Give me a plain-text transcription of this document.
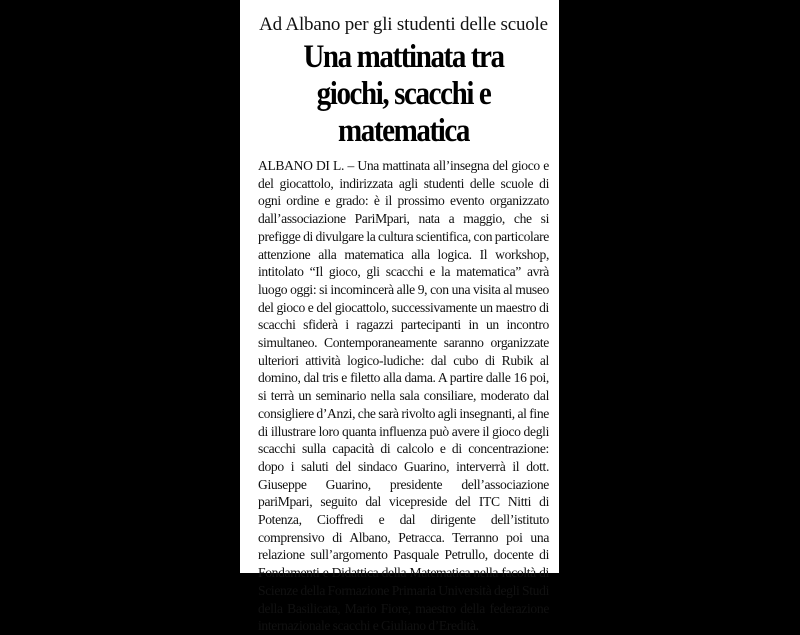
Ad Albano per gli studenti delle scuole
Una mattinata tra giochi, scacchi e matematica

ALBANO DI L. – Una mattinata all’insegna del gioco e del giocattolo, indirizzata agli studenti delle scuole di ogni ordine e grado: è il prossimo evento organizzato dall’associazione PariMpari, nata a maggio, che si prefigge di divulgare la cultura scientifica, con particolare attenzione alla matematica alla logica. Il workshop, intitolato “Il gioco, gli scacchi e la matematica” avrà luogo oggi: si incomincerà alle 9, con una visita al museo del gioco e del giocattolo, successivamente un maestro di scacchi sfiderà i ragazzi partecipanti in un incontro simultaneo. Contemporaneamente saranno organizzate ulteriori attività logico-ludiche: dal cubo di Rubik al domino, dal tris e filetto alla dama. A partire dalle 16 poi, si terrà un seminario nella sala consiliare, moderato dal consigliere d’Anzi, che sarà rivolto agli insegnanti, al fine di illustrare loro quanta influenza può avere il gioco degli scacchi sulla capacità di calcolo e di concentrazione: dopo i saluti del sindaco Guarino, interverrà il dott. Giuseppe Guarino, presidente dell’associazione pariMpari, seguito dal vicepreside del ITC Nitti di Potenza, Cioffredi e dal dirigente dell’istituto comprensivo di Albano, Petracca. Terranno poi una relazione sull’argomento Pasquale Petrullo, docente di Fondamenti e Didattica della Matematica nella facoltà di Scienze della Formazione Primaria Università degli Studi della Basilicata, Mario Fiore, maestro della federazione internazionale scacchi e Giuliano d’Eredità.
